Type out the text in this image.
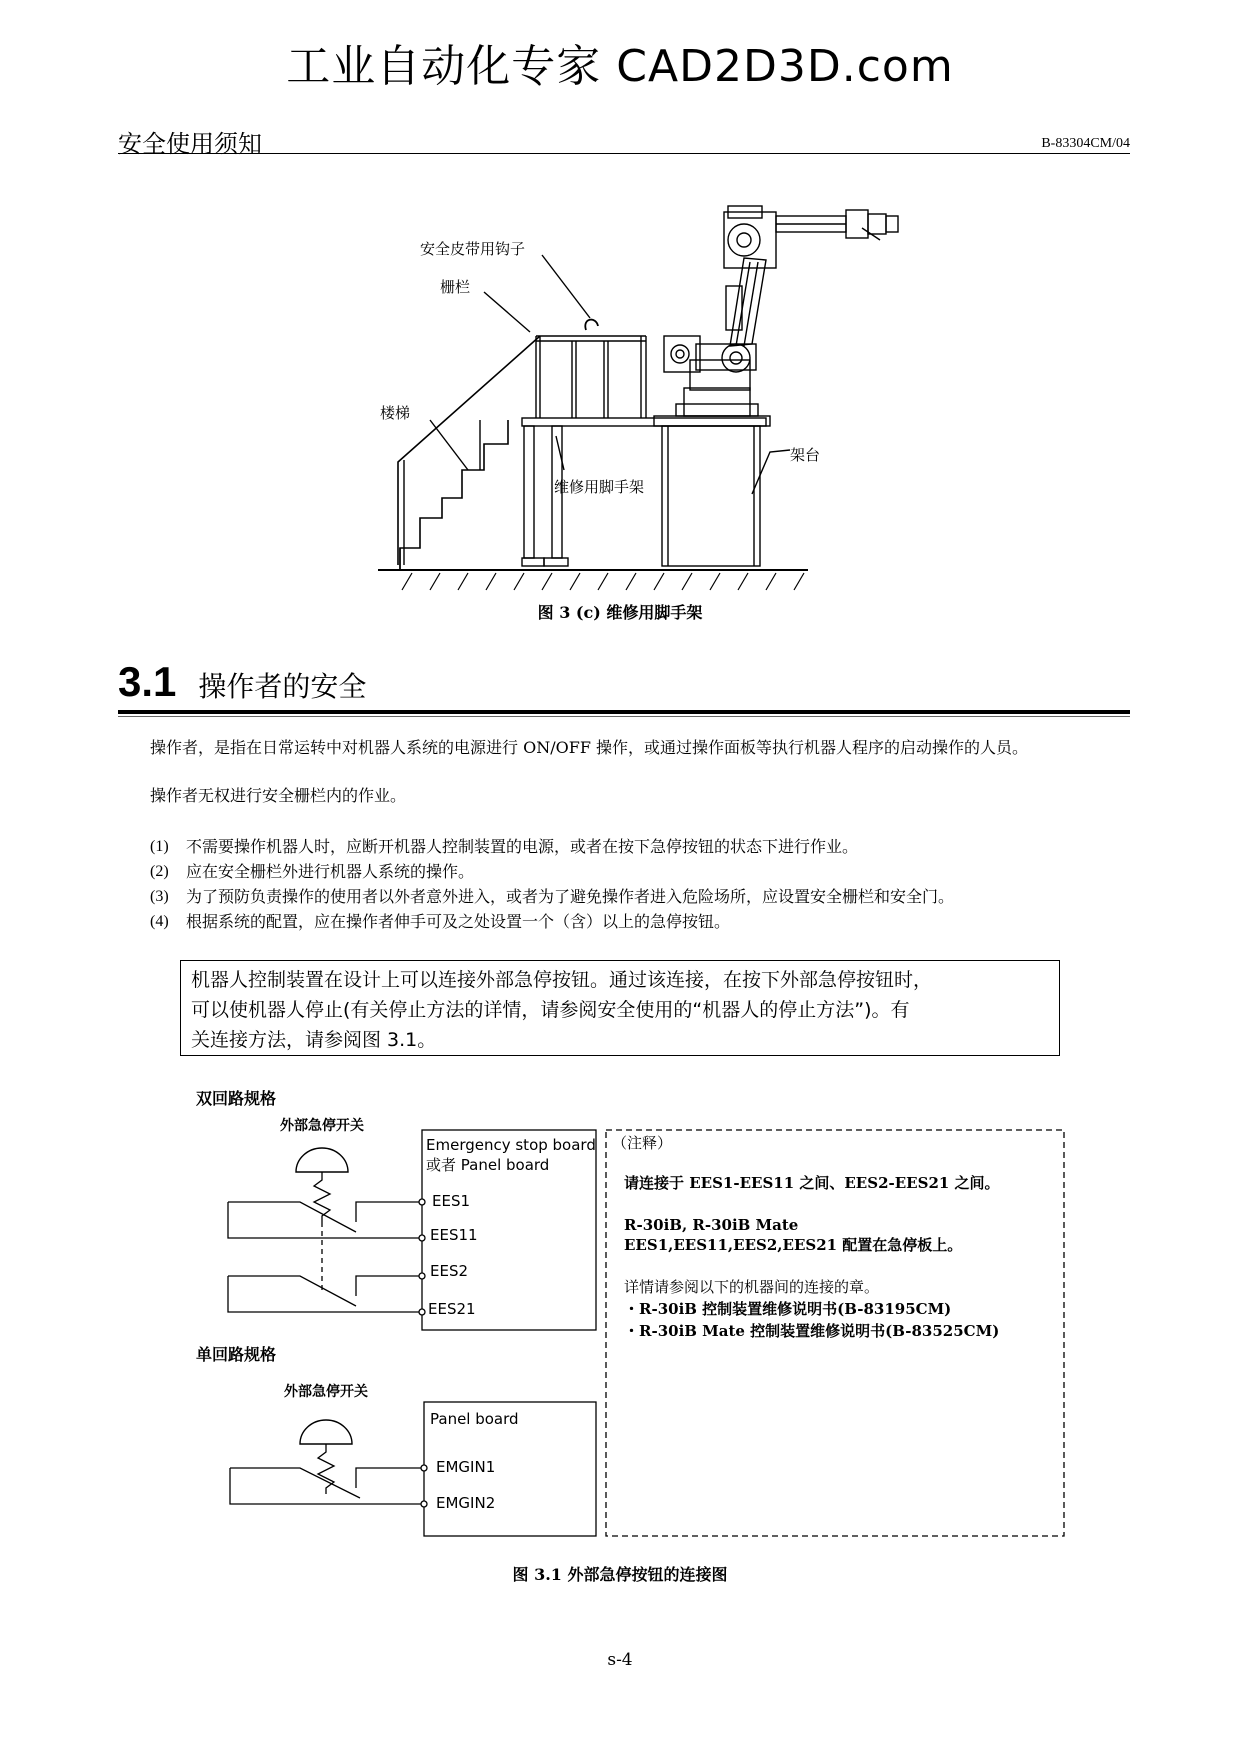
工业自动化专家 CAD2D3D.com
安全使用须知	B-83304CM/04
安全皮带用钩子
栅栏
楼梯
维修用脚手架
架台
图 3 (c) 维修用脚手架
3.1 操作者的安全
操作者，是指在日常运转中对机器人系统的电源进行 ON/OFF 操作，或通过操作面板等执行机器人程序的启动操作的人员。
操作者无权进行安全栅栏内的作业。
(1)	不需要操作机器人时，应断开机器人控制装置的电源，或者在按下急停按钮的状态下进行作业。
(2)	应在安全栅栏外进行机器人系统的操作。
(3)	为了预防负责操作的使用者以外者意外进入，或者为了避免操作者进入危险场所，应设置安全栅栏和安全门。
(4)	根据系统的配置，应在操作者伸手可及之处设置一个（含）以上的急停按钮。
机器人控制装置在设计上可以连接外部急停按钮。通过该连接，在按下外部急停按钮时，
可以使机器人停止(有关停止方法的详情，请参阅安全使用的“机器人的停止方法”)。有
关连接方法，请参阅图 3.1。
双回路规格
外部急停开关
Emergency stop board
或者 Panel board
EES1
EES11
EES2
EES21
单回路规格
外部急停开关
Panel board
EMGIN1
EMGIN2
（注释）
请连接于 EES1-EES11 之间、EES2-EES21 之间。
R-30iB, R-30iB Mate
EES1,EES11,EES2,EES21 配置在急停板上。
详情请参阅以下的机器间的连接的章。
・R-30iB 控制装置维修说明书(B-83195CM)
・R-30iB Mate 控制装置维修说明书(B-83525CM)
图 3.1 外部急停按钮的连接图
s-4
